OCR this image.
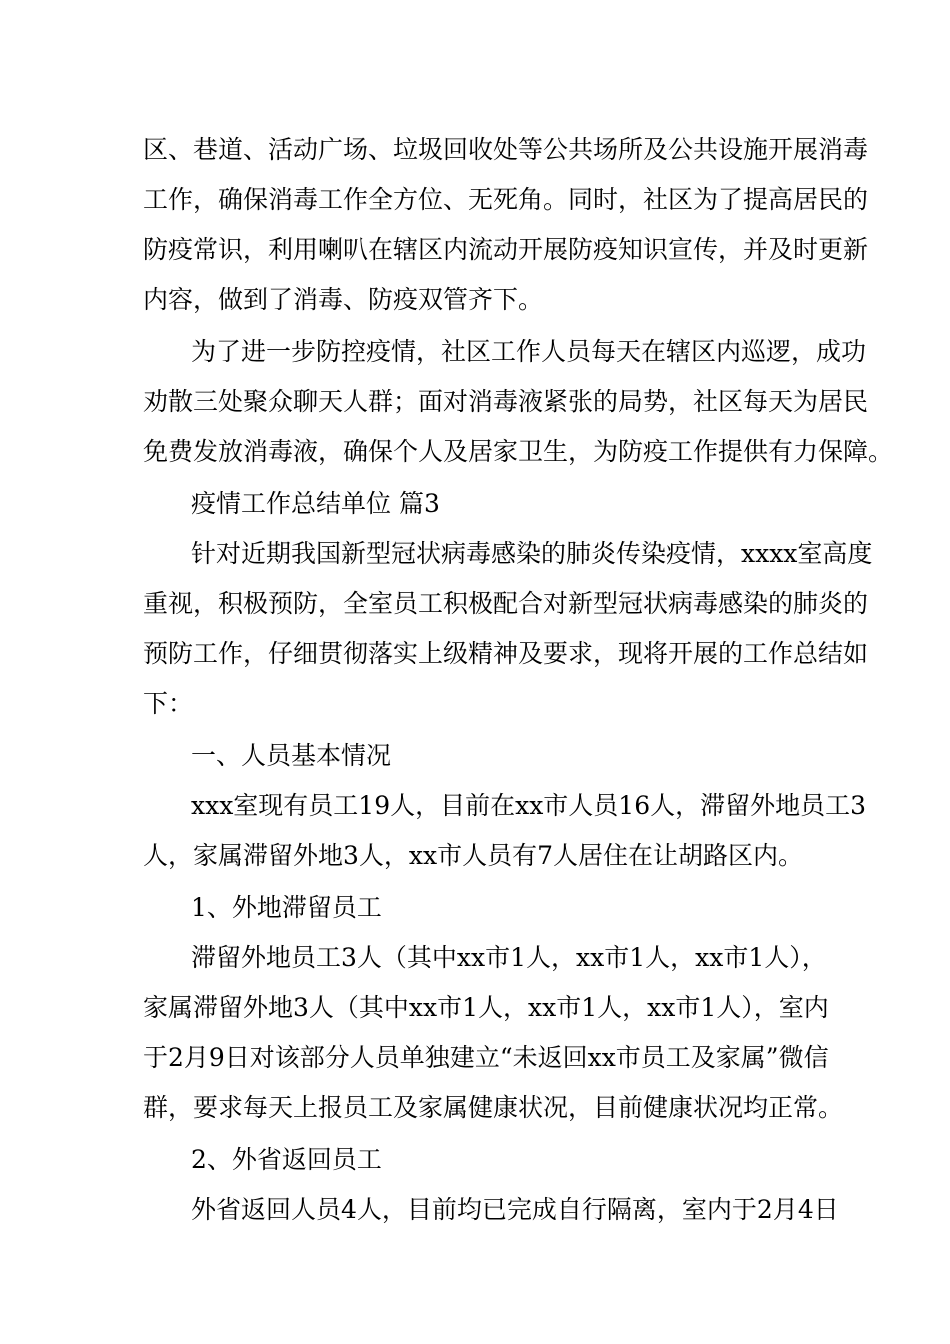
区、巷道、活动广场、垃圾回收处等公共场所及公共设施开展消毒
工作，确保消毒工作全方位、无死角。同时，社区为了提高居民的
防疫常识，利用喇叭在辖区内流动开展防疫知识宣传，并及时更新
内容，做到了消毒、防疫双管齐下。
为了进一步防控疫情，社区工作人员每天在辖区内巡逻，成功
劝散三处聚众聊天人群；面对消毒液紧张的局势，社区每天为居民
免费发放消毒液，确保个人及居家卫生，为防疫工作提供有力保障。
疫情工作总结单位 篇3
针对近期我国新型冠状病毒感染的肺炎传染疫情，xxxx室高度
重视，积极预防，全室员工积极配合对新型冠状病毒感染的肺炎的
预防工作，仔细贯彻落实上级精神及要求，现将开展的工作总结如
下：
一、人员基本情况
xxx室现有员工19人，目前在xx市人员16人，滞留外地员工3
人，家属滞留外地3人，xx市人员有7人居住在让胡路区内。
1、外地滞留员工
滞留外地员工3人（其中xx市1人，xx市1人，xx市1人），
家属滞留外地3人（其中xx市1人，xx市1人，xx市1人），室内
于2月9日对该部分人员单独建立“未返回xx市员工及家属”微信
群，要求每天上报员工及家属健康状况，目前健康状况均正常。
2、外省返回员工
外省返回人员4人，目前均已完成自行隔离，室内于2月4日
